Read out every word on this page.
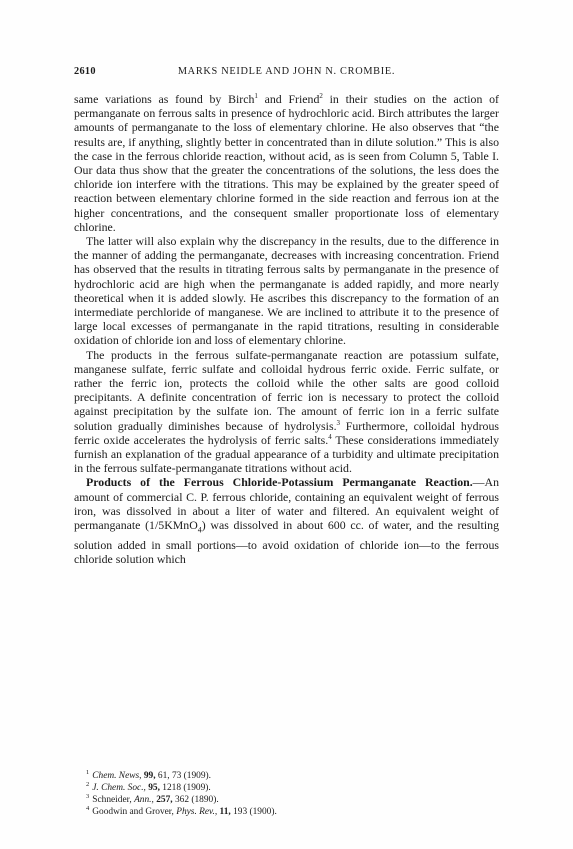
2610	MARKS NEIDLE AND JOHN N. CROMBIE.

same variations as found by Birch$^1$ and Friend$^2$ in their studies on the action of permanganate on ferrous salts in presence of hydrochloric acid. Birch attributes the larger amounts of permanganate to the loss of elementary chlorine. He also observes that “the results are, if anything, slightly better in concentrated than in dilute solution.” This is also the case in the ferrous chloride reaction, without acid, as is seen from Column 5, Table I. Our data thus show that the greater the concentrations of the solutions, the less does the chloride ion interfere with the titrations. This may be explained by the greater speed of reaction between elementary chlorine formed in the side reaction and ferrous ion at the higher concentrations, and the consequent smaller proportionate loss of elementary chlorine.

The latter will also explain why the discrepancy in the results, due to the difference in the manner of adding the permanganate, decreases with increasing concentration. Friend has observed that the results in titrating ferrous salts by permanganate in the presence of hydrochloric acid are high when the permanganate is added rapidly, and more nearly theoretical when it is added slowly. He ascribes this discrepancy to the formation of an intermediate perchloride of manganese. We are inclined to attribute it to the presence of large local excesses of permanganate in the rapid titrations, resulting in considerable oxidation of chloride ion and loss of elementary chlorine.

The products in the ferrous sulfate-permanganate reaction are potassium sulfate, manganese sulfate, ferric sulfate and colloidal hydrous ferric oxide. Ferric sulfate, or rather the ferric ion, protects the colloid while the other salts are good colloid precipitants. A definite concentration of ferric ion is necessary to protect the colloid against precipitation by the sulfate ion. The amount of ferric ion in a ferric sulfate solution gradually diminishes because of hydrolysis.$^3$ Furthermore, colloidal hydrous ferric oxide accelerates the hydrolysis of ferric salts.$^4$ These considerations immediately furnish an explanation of the gradual appearance of a turbidity and ultimate precipitation in the ferrous sulfate-permanganate titrations without acid.

Products of the Ferrous Chloride-Potassium Permanganate Reaction.—An amount of commercial C. P. ferrous chloride, containing an equivalent weight of ferrous iron, was dissolved in about a liter of water and filtered. An equivalent weight of permanganate (1/5KMnO$_4$) was dissolved in about 600 cc. of water, and the resulting solution added in small portions—to avoid oxidation of chloride ion—to the ferrous chloride solution which

$^1$ Chem. News, 99, 61, 73 (1909).

$^2$ J. Chem. Soc., 95, 1218 (1909).

$^3$ Schneider, Ann., 257, 362 (1890).

$^4$ Goodwin and Grover, Phys. Rev., 11, 193 (1900).
